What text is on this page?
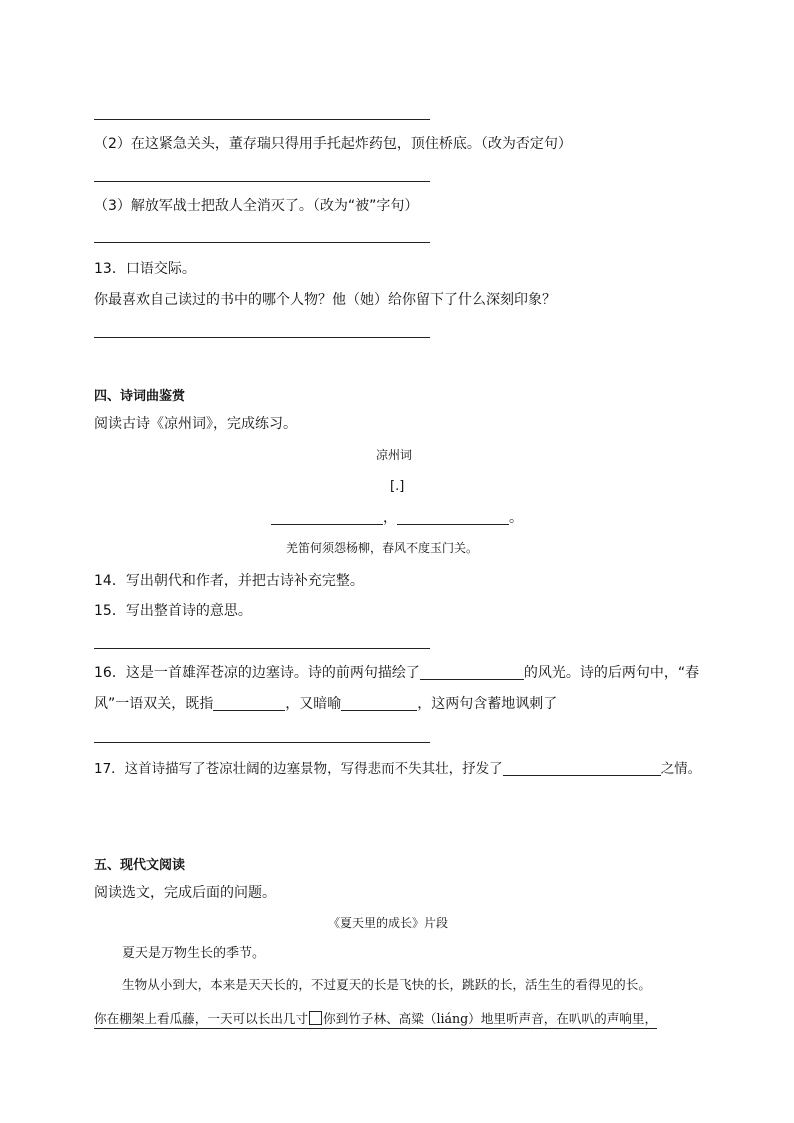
（2）在这紧急关头，董存瑞只得用手托起炸药包，顶住桥底。（改为否定句）
（3）解放军战士把敌人全消灭了。（改为“被”字句）
13．口语交际。
你最喜欢自己读过的书中的哪个人物？他（她）给你留下了什么深刻印象？
四、诗词曲鉴赏
阅读古诗《凉州词》，完成练习。
凉州词
[.]
，	。
羌笛何须怨杨柳，春风不度玉门关。
14．写出朝代和作者，并把古诗补充完整。
15．写出整首诗的意思。
16．这是一首雄浑苍凉的边塞诗。诗的前两句描绘了	的风光。诗的后两句中，“春
风”一语双关，既指	，又暗喻	，这两句含蓄地讽刺了
17．这首诗描写了苍凉壮阔的边塞景物，写得悲而不失其壮，抒发了	之情。
五、现代文阅读
阅读选文，完成后面的问题。
《夏天里的成长》片段
夏天是万物生长的季节。
生物从小到大，本来是天天长的，不过夏天的长是飞快的长，跳跃的长，活生生的看得见的长。
你在棚架上看瓜藤，一天可以长出几寸 你到竹子林、高粱（liáng）地里听声音，在叭叭的声响里，
